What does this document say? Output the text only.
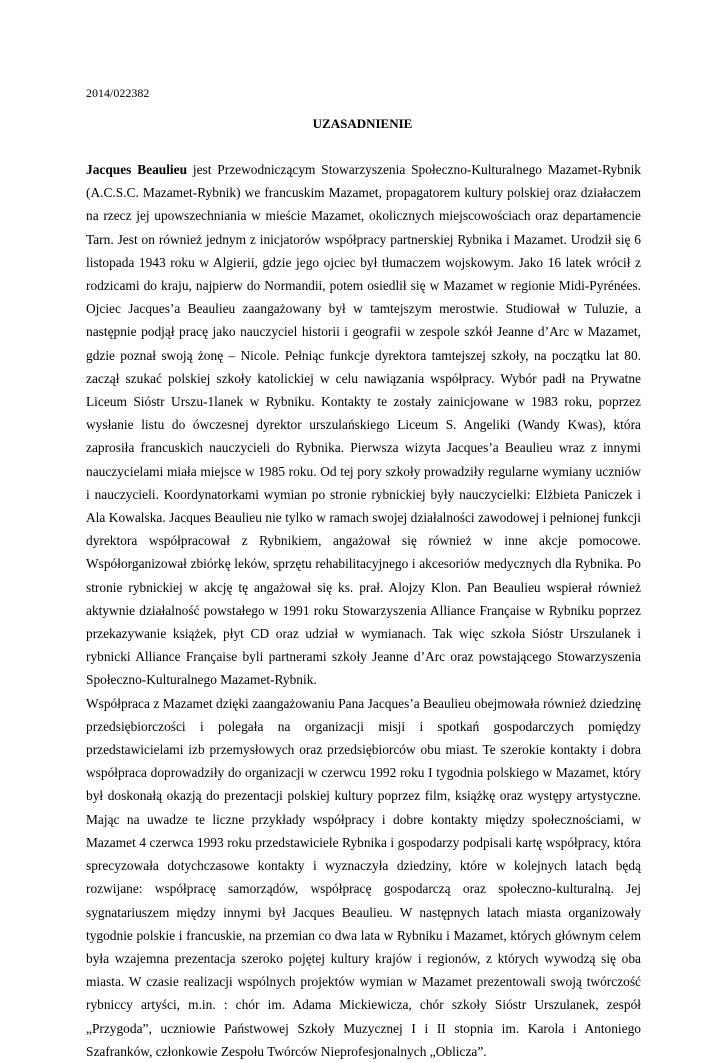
2014/022382
UZASADNIENIE

Jacques Beaulieu jest Przewodniczącym Stowarzyszenia Społeczno-Kulturalnego Mazamet-Rybnik (A.C.S.C. Mazamet-Rybnik) we francuskim Mazamet, propagatorem kultury polskiej oraz działaczem na rzecz jej upowszechniania w mieście Mazamet, okolicznych miejscowościach oraz departamencie Tarn. Jest on również jednym z inicjatorów współpracy partnerskiej Rybnika i Mazamet. Urodził się 6 listopada 1943 roku w Algierii, gdzie jego ojciec był tłumaczem wojskowym. Jako 16 latek wrócił z rodzicami do kraju, najpierw do Normandii, potem osiedlił się w Mazamet w regionie Midi-Pyrénées. Ojciec Jacques’a Beaulieu zaangażowany był w tamtejszym merostwie. Studiował w Tuluzie, a następnie podjął pracę jako nauczyciel historii i geografii w zespole szkół Jeanne d’Arc w Mazamet, gdzie poznał swoją żonę – Nicole. Pełniąc funkcje dyrektora tamtejszej szkoły, na początku lat 80. zaczął szukać polskiej szkoły katolickiej w celu nawiązania współpracy. Wybór padł na Prywatne Liceum Sióstr Urszu-1lanek w Rybniku. Kontakty te zostały zainicjowane w 1983 roku, poprzez wysłanie listu do ówczesnej dyrektor urszulańskiego Liceum S. Angeliki (Wandy Kwas), która zaprosiła francuskich nauczycieli do Rybnika. Pierwsza wizyta Jacques’a Beaulieu wraz z innymi nauczycielami miała miejsce w 1985 roku. Od tej pory szkoły prowadziły regularne wymiany uczniów i nauczycieli. Koordynatorkami wymian po stronie rybnickiej były nauczycielki: Elżbieta Paniczek i Ala Kowalska. Jacques Beaulieu nie tylko w ramach swojej działalności zawodowej i pełnionej funkcji dyrektora współpracował z Rybnikiem, angażował się również w inne akcje pomocowe. Współorganizował zbiórkę leków, sprzętu rehabilitacyjnego i akcesoriów medycznych dla Rybnika. Po stronie rybnickiej w akcję tę angażował się ks. prał. Alojzy Klon. Pan Beaulieu wspierał również aktywnie działalność powstałego w 1991 roku Stowarzyszenia Alliance Française w Rybniku poprzez przekazywanie książek, płyt CD oraz udział w wymianach. Tak więc szkoła Sióstr Urszulanek i rybnicki Alliance Française byli partnerami szkoły Jeanne d’Arc oraz powstającego Stowarzyszenia Społeczno-Kulturalnego Mazamet-Rybnik.

Współpraca z Mazamet dzięki zaangażowaniu Pana Jacques’a Beaulieu obejmowała również dziedzinę przedsiębiorczości i polegała na organizacji misji i spotkań gospodarczych pomiędzy przedstawicielami izb przemysłowych oraz przedsiębiorców obu miast. Te szerokie kontakty i dobra współpraca doprowadziły do organizacji w czerwcu 1992 roku I tygodnia polskiego w Mazamet, który był doskonałą okazją do prezentacji polskiej kultury poprzez film, książkę oraz występy artystyczne. Mając na uwadze te liczne przykłady współpracy i dobre kontakty między społecznościami, w Mazamet 4 czerwca 1993 roku przedstawiciele Rybnika i gospodarzy podpisali kartę współpracy, która sprecyzowała dotychczasowe kontakty i wyznaczyła dziedziny, które w kolejnych latach będą rozwijane: współpracę samorządów, współpracę gospodarczą oraz społeczno-kulturalną. Jej sygnatariuszem między innymi był Jacques Beaulieu. W następnych latach miasta organizowały tygodnie polskie i francuskie, na przemian co dwa lata w Rybniku i Mazamet, których głównym celem była wzajemna prezentacja szeroko pojętej kultury krajów i regionów, z których wywodzą się oba miasta. W czasie realizacji wspólnych projektów wymian w Mazamet prezentowali swoją twórczość rybniccy artyści, m.in. : chór im. Adama Mickiewicza, chór szkoły Sióstr Urszulanek, zespół „Przygoda”, uczniowie Państwowej Szkoły Muzycznej I i II stopnia im. Karola i Antoniego Szafranków, członkowie Zespołu Twórców Nieprofesjonalnych „Oblicza”.
